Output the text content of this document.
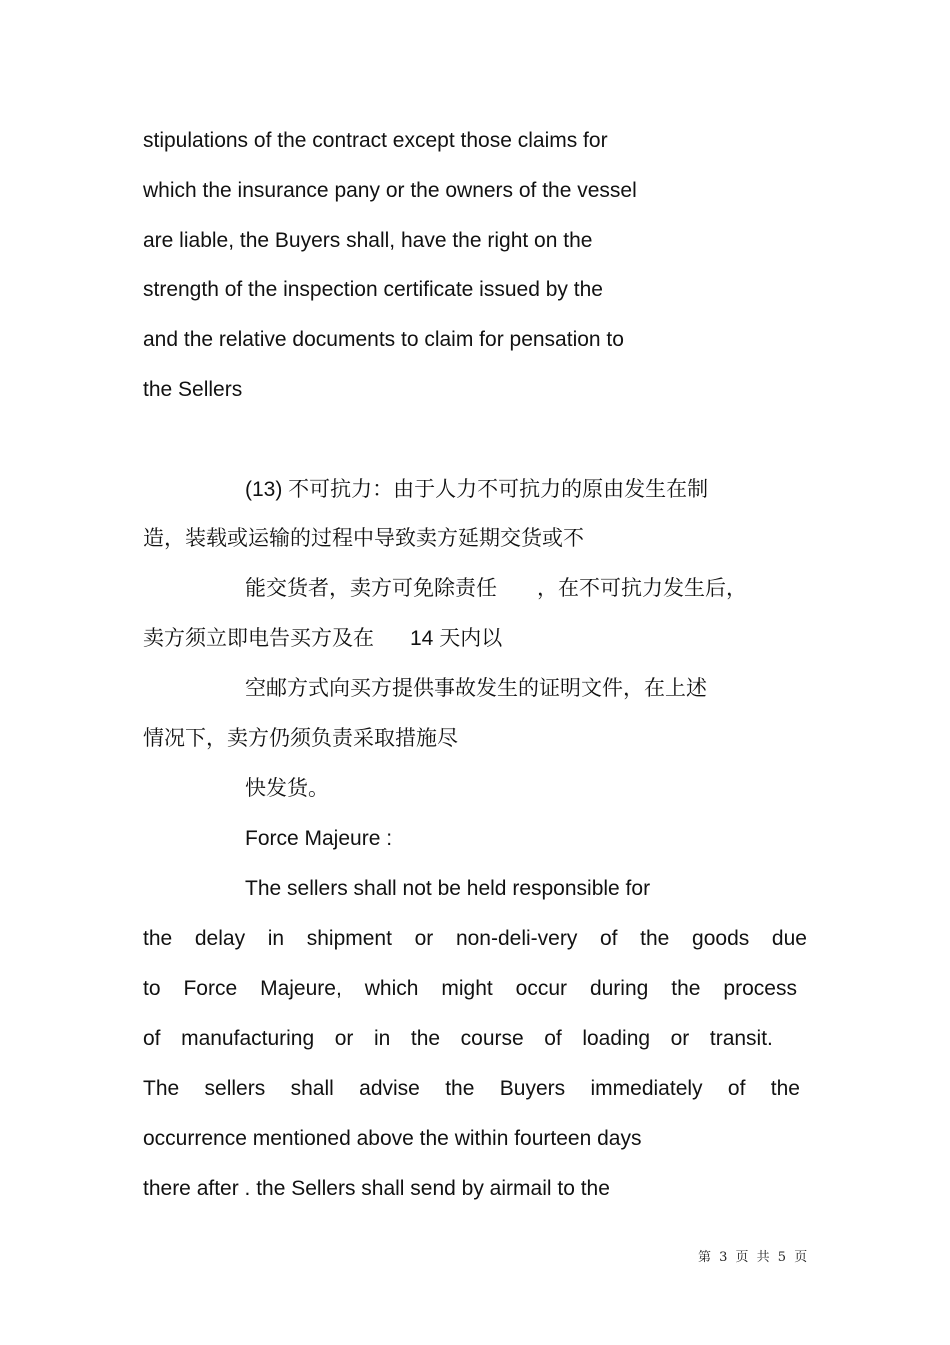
stipulations of the contract except those claims for
which the insurance pany or the owners of the vessel
are liable, the Buyers shall, have the right on the
strength of the inspection certificate issued by the
and the relative documents to claim for pensation to
the Sellers
(13) 不可抗力：由于人力不可抗力的原由发生在制
造，装载或运输的过程中导致卖方延期交货或不
能交货者，卖方可免除责任 ，在不可抗力发生后，
卖方须立即电告买方及在 14 天内以
空邮方式向买方提供事故发生的证明文件，在上述
情况下，卖方仍须负责采取措施尽
快发货。
Force Majeure :
The sellers shall not be held responsible for
the delay in shipment or non-deli-very of the goods due
to Force Majeure, which might occur during the process
of manufacturing or in the course of loading or transit.
The sellers shall advise the Buyers immediately of the
occurrence mentioned above the within fourteen days
there after . the Sellers shall send by airmail to the
第 3 页 共 5 页
